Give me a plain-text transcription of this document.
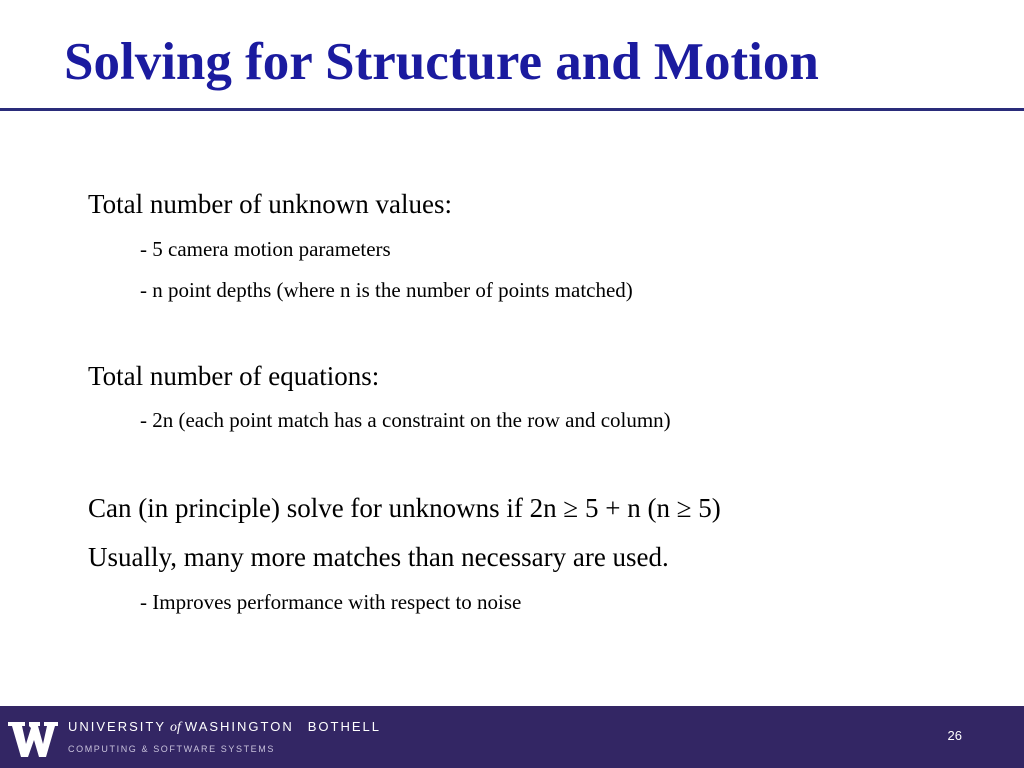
Solving for Structure and Motion
Total number of unknown values:
- 5 camera motion parameters
- n point depths (where n is the number of points matched)
Total number of equations:
- 2n (each point match has a constraint on the row and column)
Can (in principle) solve for unknowns if 2n ≥ 5 + n (n ≥ 5)
Usually, many more matches than necessary are used.
- Improves performance with respect to noise
UNIVERSITY of WASHINGTON BOTHELL
COMPUTING & SOFTWARE SYSTEMS
26
